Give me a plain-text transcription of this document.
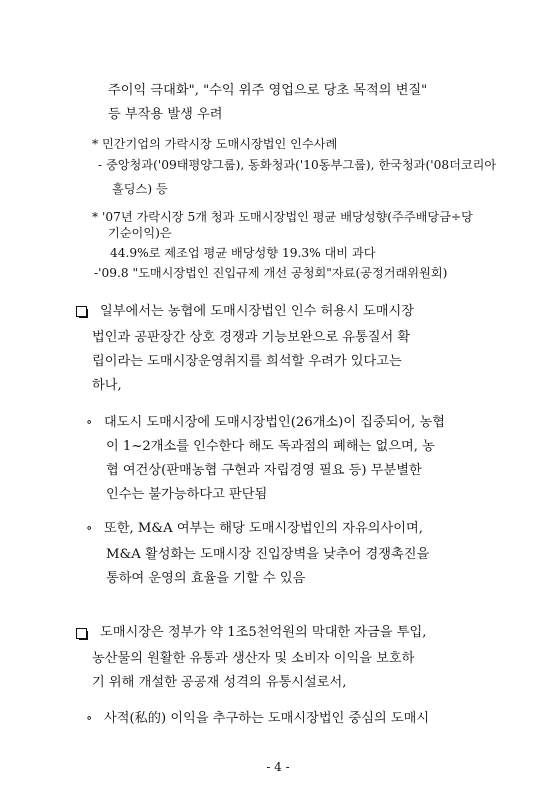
주이익 극대화", "수익 위주 영업으로 당초 목적의 변질"
등 부작용 발생 우려
* 민간기업의 가락시장 도매시장법인 인수사례
- 중앙청과('09태평양그룹), 동화청과('10동부그룹), 한국청과('08더코리아
홀딩스) 등
* '07년 가락시장 5개 청과 도매시장법인 평균 배당성향(주주배당금÷당
기순이익)은
44.9%로 제조업 평균 배당성향 19.3% 대비 과다
-'09.8 "도매시장법인 진입규제 개선 공청회"자료(공정거래위원회)
일부에서는 농협에 도매시장법인 인수 허용시 도매시장
법인과 공판장간 상호 경쟁과 기능보완으로 유통질서 확
립이라는 도매시장운영취지를 희석할 우려가 있다고는
하나,
∘ 대도시 도매시장에 도매시장법인(26개소)이 집중되어, 농협
이 1~2개소를 인수한다 해도 독과점의 폐해는 없으며, 농
협 여건상(판매농협 구현과 자립경영 필요 등) 무분별한
인수는 불가능하다고 판단됨
∘ 또한, M&A 여부는 해당 도매시장법인의 자유의사이며,
M&A 활성화는 도매시장 진입장벽을 낮추어 경쟁촉진을
통하여 운영의 효율을 기할 수 있음
도매시장은 정부가 약 1조5천억원의 막대한 자금을 투입,
농산물의 원활한 유통과 생산자 및 소비자 이익을 보호하
기 위해 개설한 공공재 성격의 유통시설로서,
∘ 사적(私的) 이익을 추구하는 도매시장법인 중심의 도매시
- 4 -
